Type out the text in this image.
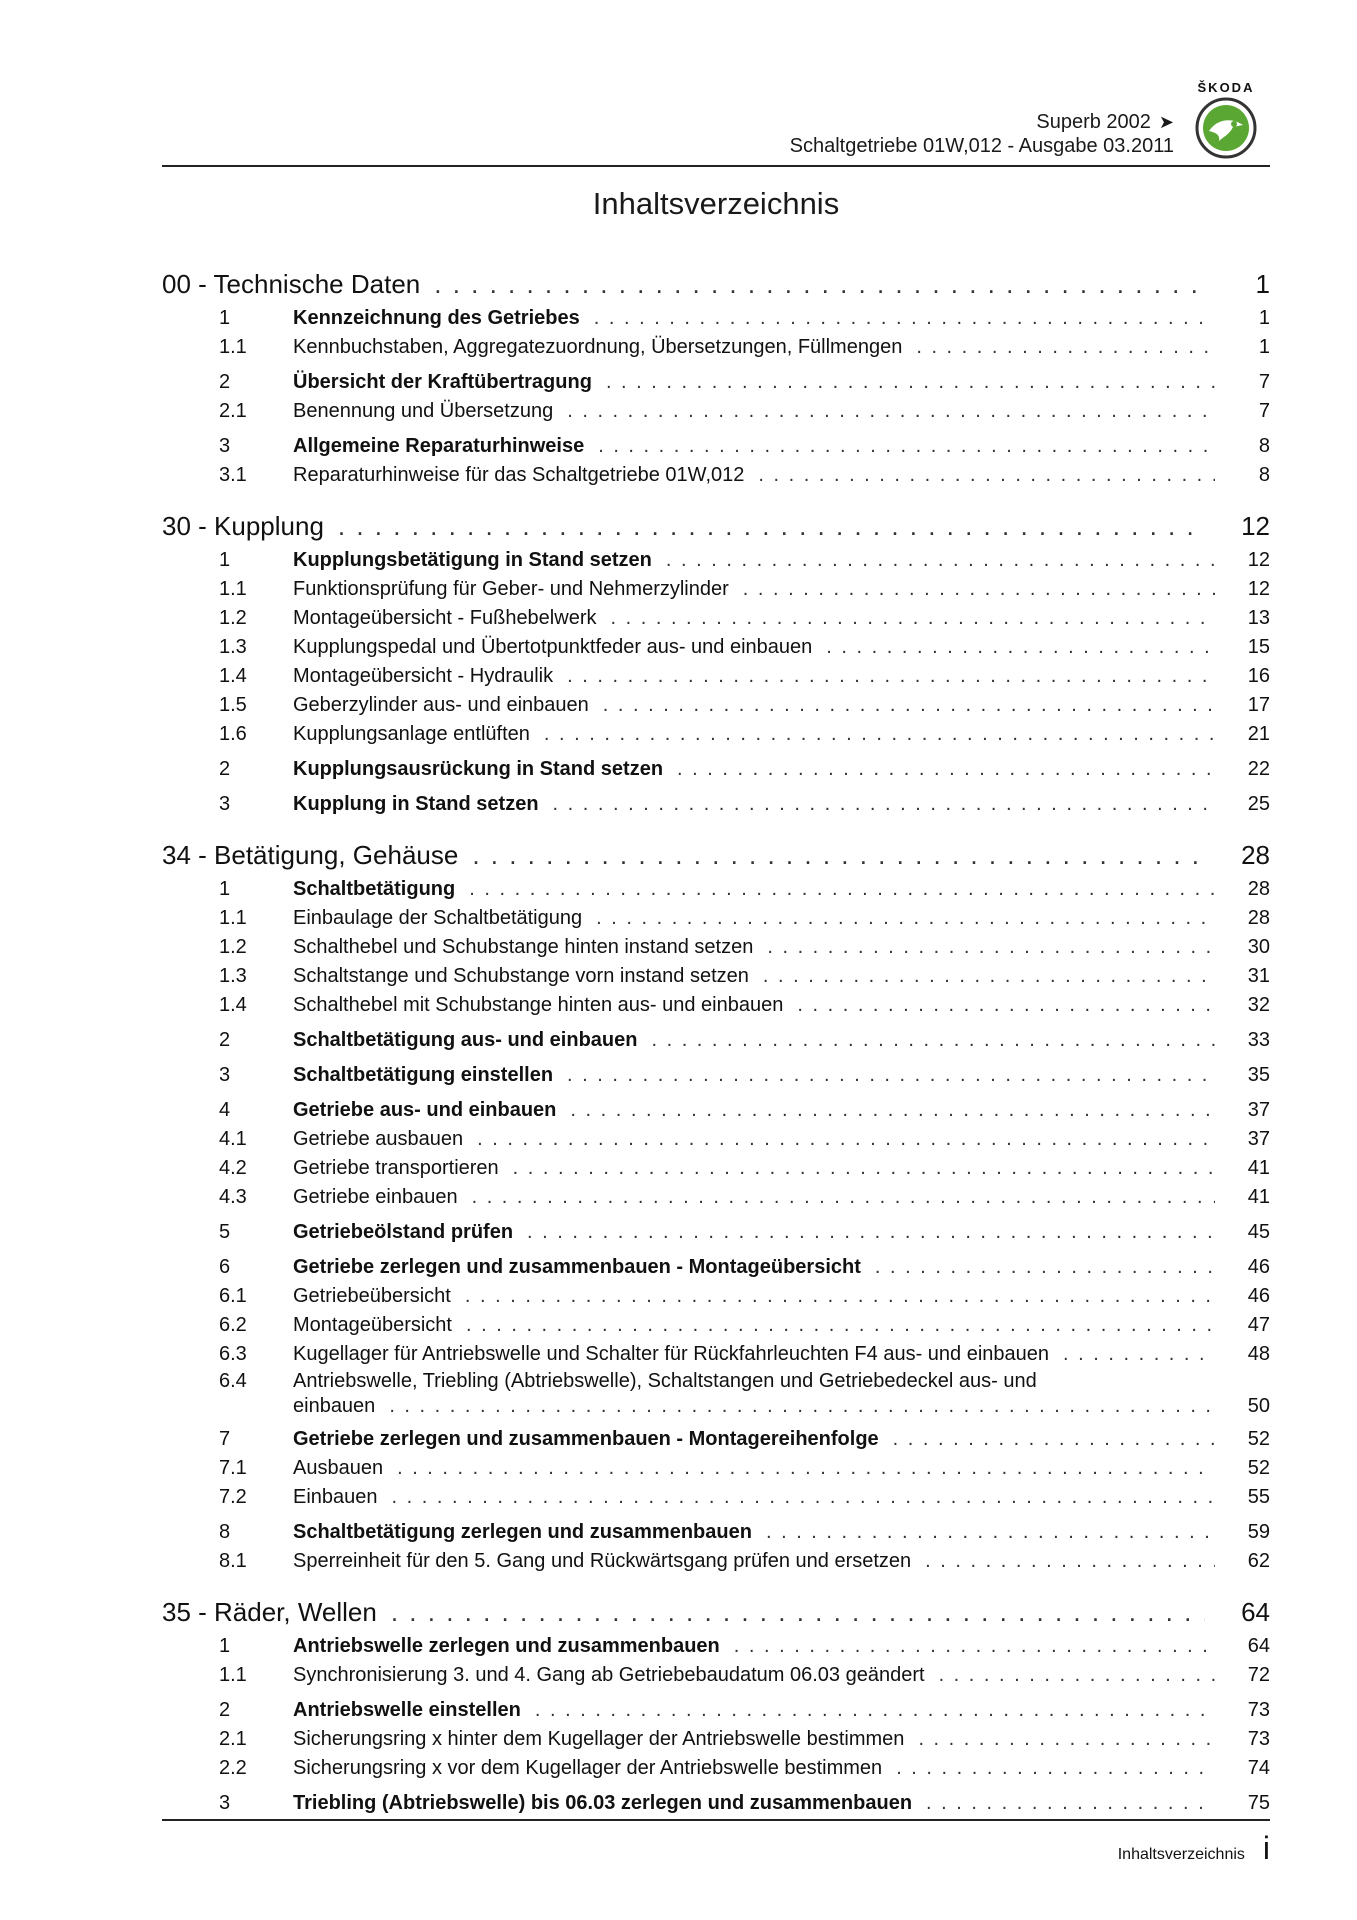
Superb 2002 ➤
Schaltgetriebe 01W,012 - Ausgabe 03.2011
ŠKODA
Inhaltsverzeichnis
00 - Technische Daten . . .	1
1	Kennzeichnung des Getriebes . . .	1
1.1	Kennbuchstaben, Aggregatezuordnung, Übersetzungen, Füllmengen . . .	1
2	Übersicht der Kraftübertragung . . .	7
2.1	Benennung und Übersetzung . . .	7
3	Allgemeine Reparaturhinweise . . .	8
3.1	Reparaturhinweise für das Schaltgetriebe 01W,012 . . .	8
30 - Kupplung . . .	12
1	Kupplungsbetätigung in Stand setzen . . .	12
1.1	Funktionsprüfung für Geber- und Nehmerzylinder . . .	12
1.2	Montageübersicht - Fußhebelwerk . . .	13
1.3	Kupplungspedal und Übertotpunktfeder aus- und einbauen . . .	15
1.4	Montageübersicht - Hydraulik . . .	16
1.5	Geberzylinder aus- und einbauen . . .	17
1.6	Kupplungsanlage entlüften . . .	21
2	Kupplungsausrückung in Stand setzen . . .	22
3	Kupplung in Stand setzen . . .	25
34 - Betätigung, Gehäuse . . .	28
1	Schaltbetätigung . . .	28
1.1	Einbaulage der Schaltbetätigung . . .	28
1.2	Schalthebel und Schubstange hinten instand setzen . . .	30
1.3	Schaltstange und Schubstange vorn instand setzen . . .	31
1.4	Schalthebel mit Schubstange hinten aus- und einbauen . . .	32
2	Schaltbetätigung aus- und einbauen . . .	33
3	Schaltbetätigung einstellen . . .	35
4	Getriebe aus- und einbauen . . .	37
4.1	Getriebe ausbauen . . .	37
4.2	Getriebe transportieren . . .	41
4.3	Getriebe einbauen . . .	41
5	Getriebeölstand prüfen . . .	45
6	Getriebe zerlegen und zusammenbauen - Montageübersicht . . .	46
6.1	Getriebeübersicht . . .	46
6.2	Montageübersicht . . .	47
6.3	Kugellager für Antriebswelle und Schalter für Rückfahrleuchten F4 aus- und einbauen . . .	48
6.4	Antriebswelle, Triebling (Abtriebswelle), Schaltstangen und Getriebedeckel aus- und
einbauen . . .	50
7	Getriebe zerlegen und zusammenbauen - Montagereihenfolge . . .	52
7.1	Ausbauen . . .	52
7.2	Einbauen . . .	55
8	Schaltbetätigung zerlegen und zusammenbauen . . .	59
8.1	Sperreinheit für den 5. Gang und Rückwärtsgang prüfen und ersetzen . . .	62
35 - Räder, Wellen . . .	64
1	Antriebswelle zerlegen und zusammenbauen . . .	64
1.1	Synchronisierung 3. und 4. Gang ab Getriebebaudatum 06.03 geändert . . .	72
2	Antriebswelle einstellen . . .	73
2.1	Sicherungsring x hinter dem Kugellager der Antriebswelle bestimmen . . .	73
2.2	Sicherungsring x vor dem Kugellager der Antriebswelle bestimmen . . .	74
3	Triebling (Abtriebswelle) bis 06.03 zerlegen und zusammenbauen . . .	75
Inhaltsverzeichnis i
